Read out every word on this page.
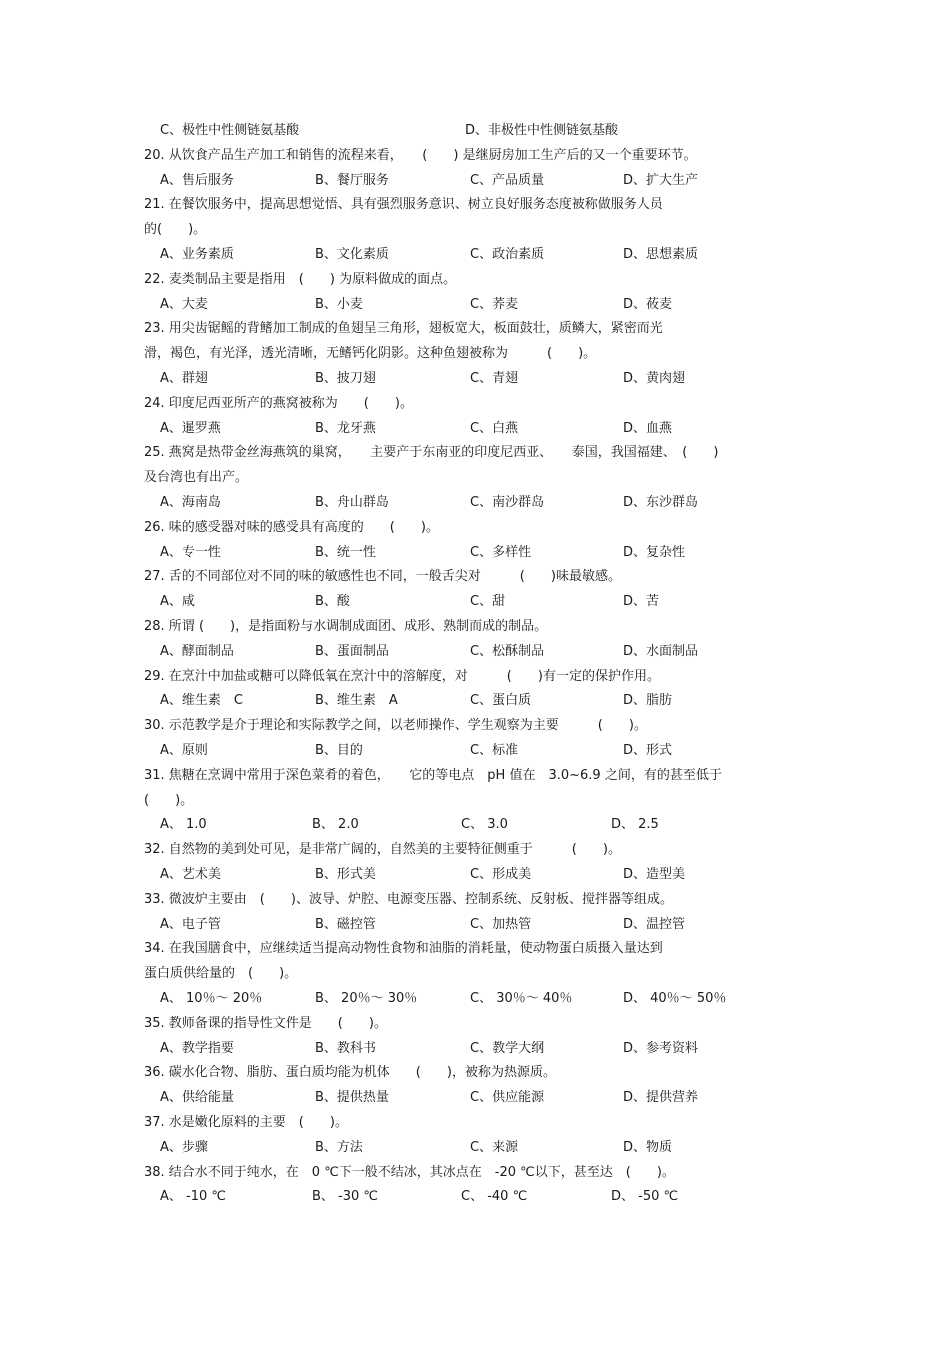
C、极性中性侧链氨基酸	D、非极性中性侧链氨基酸
20. 从饮食产品生产加工和销售的流程来看，　　(　　) 是继厨房加工生产后的又一个重要环节。
A、售后服务	B、餐厅服务	C、产品质量	D、扩大生产
21. 在餐饮服务中，提高思想觉悟、具有强烈服务意识、树立良好服务态度被称做服务人员
的(　　)。
A、业务素质	B、文化素质	C、政治素质	D、思想素质
22. 麦类制品主要是指用　(　　) 为原料做成的面点。
A、大麦	B、小麦	C、荞麦	D、莜麦
23. 用尖齿锯鳐的背鳍加工制成的鱼翅呈三角形，翅板宽大，板面鼓壮，质鳞大，紧密而光
滑，褐色，有光泽，透光清晰，无鳍钙化阴影。这种鱼翅被称为　　　(　　)。
A、群翅	B、披刀翅	C、青翅	D、黄肉翅
24. 印度尼西亚所产的燕窝被称为　　(　　)。
A、暹罗燕	B、龙牙燕	C、白燕	D、血燕
25. 燕窝是热带金丝海燕筑的巢窝，　　主要产于东南亚的印度尼西亚、　　泰国，我国福建、　(　　)
及台湾也有出产。
A、海南岛	B、舟山群岛	C、南沙群岛	D、东沙群岛
26. 味的感受器对味的感受具有高度的　　(　　)。
A、专一性	B、统一性	C、多样性	D、复杂性
27. 舌的不同部位对不同的味的敏感性也不同，一般舌尖对　　　(　　)味最敏感。
A、咸	B、酸	C、甜	D、苦
28. 所谓 (　　)，是指面粉与水调制成面团、成形、熟制而成的制品。
A、酵面制品	B、蛋面制品	C、松酥制品	D、水面制品
29. 在烹汁中加盐或糖可以降低氧在烹汁中的溶解度，对　　　(　　)有一定的保护作用。
A、维生素　C	B、维生素　A	C、蛋白质	D、脂肪
30. 示范教学是介于理论和实际教学之间，以老师操作、学生观察为主要　　　(　　)。
A、原则	B、目的	C、标准	D、形式
31. 焦糖在烹调中常用于深色菜肴的着色，　　它的等电点　pH 值在　3.0~6.9 之间，有的甚至低于
(　　)。
A、 1.0	B、 2.0	C、 3.0	D、 2.5
32. 自然物的美到处可见，是非常广阔的，自然美的主要特征侧重于　　　(　　)。
A、艺术美	B、形式美	C、形成美	D、造型美
33. 微波炉主要由　(　　)、波导、炉腔、电源变压器、控制系统、反射板、搅拌器等组成。
A、电子管	B、磁控管	C、加热管	D、温控管
34. 在我国膳食中，应继续适当提高动物性食物和油脂的消耗量，使动物蛋白质摄入量达到
蛋白质供给量的　(　　)。
A、 10％～ 20％	B、 20％～ 30％	C、 30％～ 40％	D、 40％～ 50％
35. 教师备课的指导性文件是　　(　　)。
A、教学指要	B、教科书	C、教学大纲	D、参考资料
36. 碳水化合物、脂肪、蛋白质均能为机体　　(　　)，被称为热源质。
A、供给能量	B、提供热量	C、供应能源	D、提供营养
37. 水是嫩化原料的主要　(　　)。
A、步骤	B、方法	C、来源	D、物质
38. 结合水不同于纯水，在　0 ℃下一般不结冰，其冰点在　-20 ℃以下，甚至达　(　　)。
A、 -10 ℃	B、 -30 ℃	C、 -40 ℃	D、 -50 ℃
